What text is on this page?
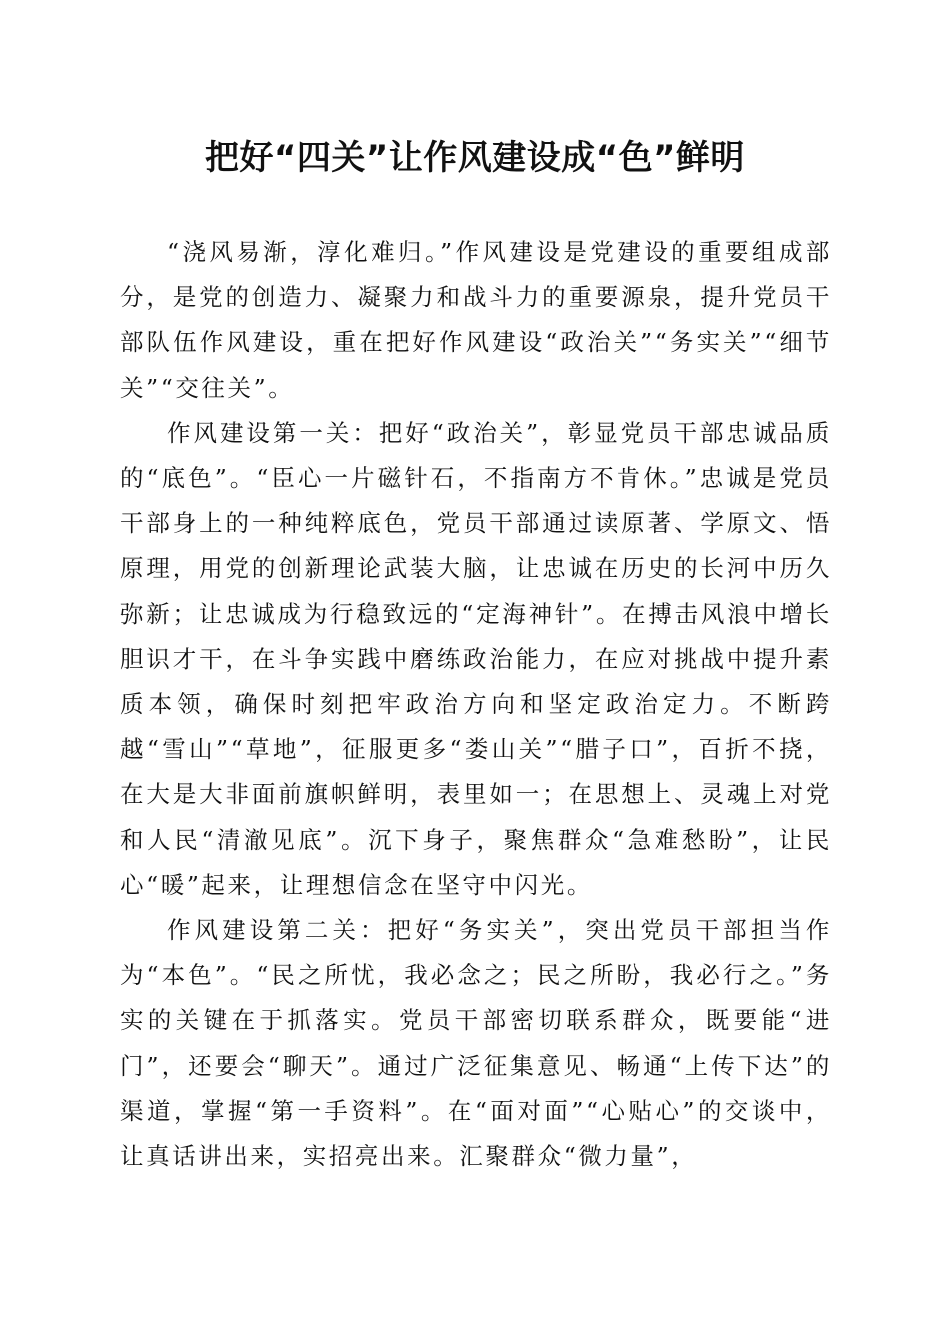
把好“四关”让作风建设成“色”鲜明

“浇风易渐，淳化难归。”作风建设是党建设的重要组成部分，是党的创造力、凝聚力和战斗力的重要源泉，提升党员干部队伍作风建设，重在把好作风建设“政治关”“务实关”“细节关”“交往关”。

作风建设第一关：把好“政治关”，彰显党员干部忠诚品质的“底色”。“臣心一片磁针石，不指南方不肯休。”忠诚是党员干部身上的一种纯粹底色，党员干部通过读原著、学原文、悟原理，用党的创新理论武装大脑，让忠诚在历史的长河中历久弥新；让忠诚成为行稳致远的“定海神针”。在搏击风浪中增长胆识才干，在斗争实践中磨练政治能力，在应对挑战中提升素质本领，确保时刻把牢政治方向和坚定政治定力。不断跨越“雪山”“草地”，征服更多“娄山关”“腊子口”，百折不挠，在大是大非面前旗帜鲜明，表里如一；在思想上、灵魂上对党和人民“清澈见底”。沉下身子，聚焦群众“急难愁盼”，让民心“暖”起来，让理想信念在坚守中闪光。

作风建设第二关：把好“务实关”，突出党员干部担当作为“本色”。“民之所忧，我必念之；民之所盼，我必行之。”务实的关键在于抓落实。党员干部密切联系群众，既要能“进门”，还要会“聊天”。通过广泛征集意见、畅通“上传下达”的渠道，掌握“第一手资料”。在“面对面”“心贴心”的交谈中，让真话讲出来，实招亮出来。汇聚群众“微力量”，
